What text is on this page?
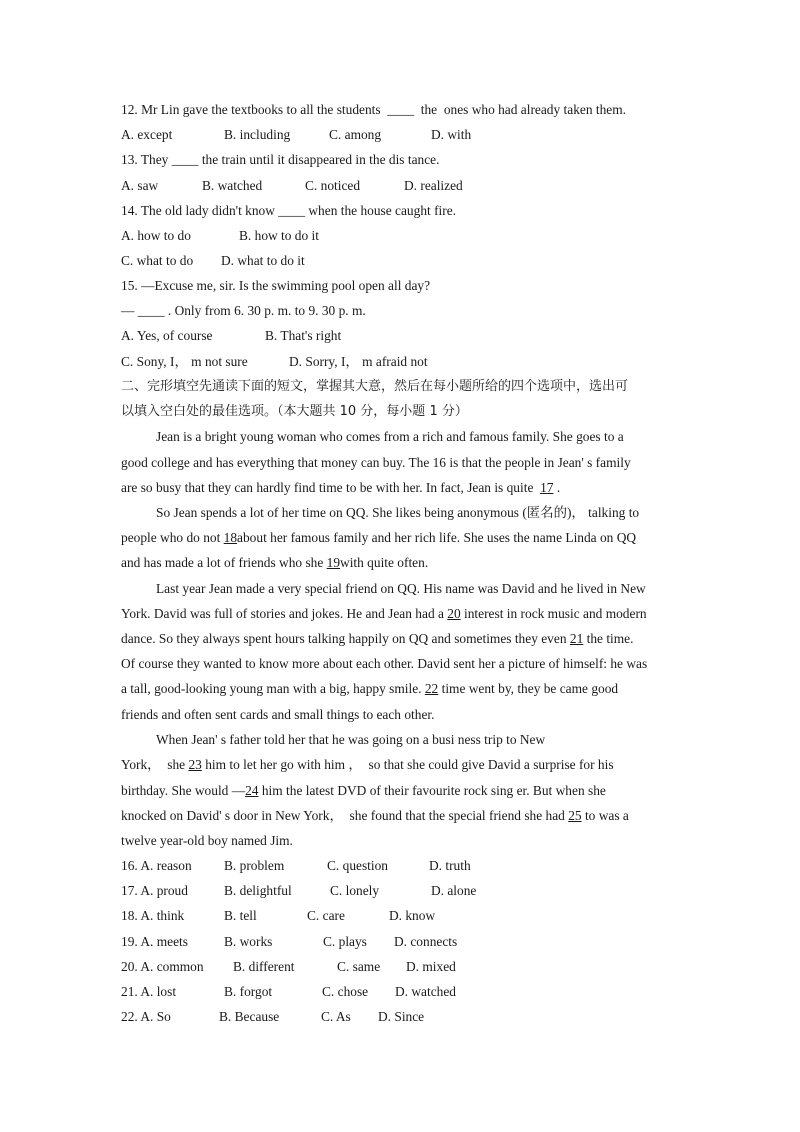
12. Mr Lin gave the textbooks to all the students  ____  the  ones who had already taken them.

A. except

	B. including

	C. among

	D. with

13. They ____ the train until it disappeared in the dis tance.

A. saw

	B. watched

	C. noticed

	D. realized

14. The old lady didn't know ____ when the house caught fire.

A. how to do

	B. how to do it

C. what to do

D. what to do it

15. —Excuse me, sir. Is the swimming pool open all day?
— ____ . Only from 6. 30 p. m. to 9. 30 p. m.

A. Yes, of course

	B. That's right

C. Sony, I， m not sure

	D. Sorry, I， m afraid not

二、完形填空先通读下面的短文，掌握其大意，然后在每小题所给的四个选项中，选出可
以填入空白处的最佳选项。（本大题共 10 分，每小题 1 分）
Jean is a bright young woman who comes from a rich and famous family. She goes to a
good college and has everything that money can buy. The 16 is that the people in Jean' s family
are so busy that they can hardly find time to be with her. In fact, Jean is quite  17 .
So Jean spends a lot of her time on QQ. She likes being anonymous (匿名的)， talking to
people who do not 18about her famous family and her rich life. She uses the name Linda on QQ
and has made a lot of friends who she 19with quite often.
Last year Jean made a very special friend on QQ. His name was David and he lived in New
York. David was full of stories and jokes. He and Jean had a 20 interest in rock music and modern
dance. So they always spent hours talking happily on QQ and sometimes they even 21 the time.
Of course they wanted to know more about each other. David sent her a picture of himself: he was
a tall, good-looking young man with a big, happy smile. 22 time went by, they be came good
friends and often sent cards and small things to each other.
When Jean' s father told her that he was going on a busi ness trip to New
York，  she 23 him to let her go with him ，  so that she could give David a surprise for his
birthday. She would —24 him the latest DVD of their favourite rock sing er. But when she
knocked on David' s door in New York，  she found that the special friend she had 25 to was a
twelve year-old boy named Jim.
16. A. reason B. problem	C. question	D. truth
17. A. proud	B. delightful	C. lonely	D. alone
18. A. think	B. tell	C. care	D. know
19. A. meets	B. works	C. plays D. connects
20. A. common B. different	C. same D. mixed
21. A. lost	B. forgot	C. chose D. watched
22. A. So	B. Because	C. As D. Since
